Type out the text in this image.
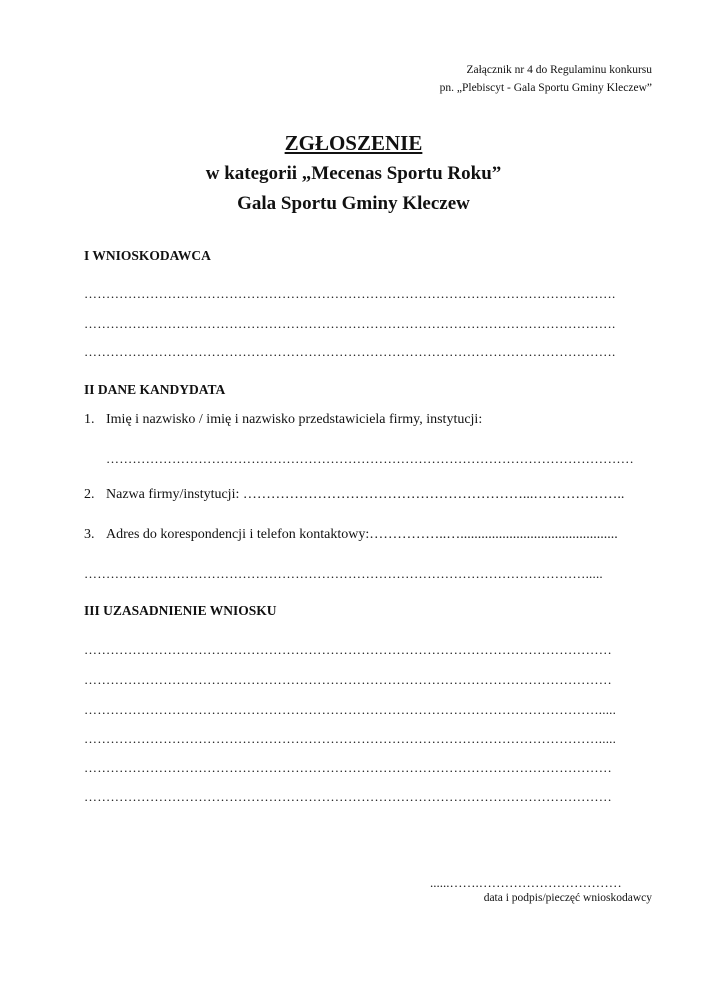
Załącznik nr 4 do Regulaminu konkursu
pn. „Plebiscyt - Gala Sportu Gminy Kleczew”
ZGŁOSZENIE
w kategorii „Mecenas Sportu Roku”
Gala Sportu Gminy Kleczew
I WNIOSKODAWCA
………………………………………………………………………………………………………….
………………………………………………………………………………………………………….
………………………………………………………………………………………………………….
II DANE KANDYDATA
1. Imię i nazwisko / imię i nazwisko przedstawiciela firmy, instytucji:
…………………………………………………………………………………………………………
2. Nazwa firmy/instytucji: ……………………………………………………...………………..
3. Adres do korespondencji i telefon kontaktowy:……………..….............................................
…………………………………………………………………………………………………….....
III UZASADNIENIE WNIOSKU
…………………………………………………………………………………………………………
…………………………………………………………………………………………………………
……………………………………………………………………………………………………….....
……………………………………………………………………………………………………….....
…………………………………………………………………………………………………………
…………………………………………………………………………………………………………
......…….……………………………
data i podpis/pieczęć wnioskodawcy
